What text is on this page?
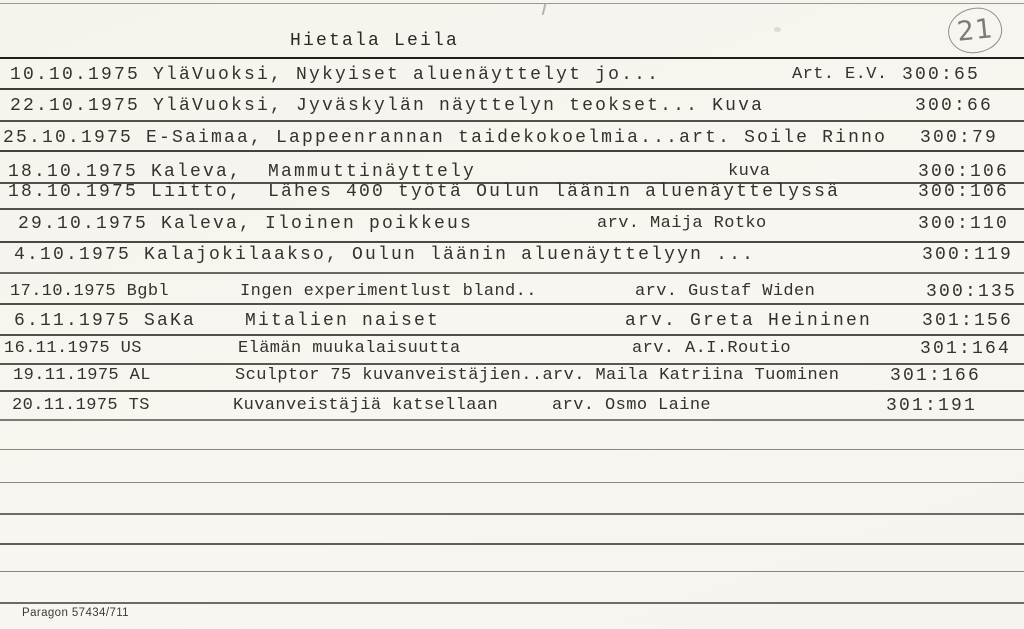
21
Hietala Leila
10.10.1975 YläVuoksi, Nykyiset aluenäyttelyt jo...	Art. E.V. 300:65
22.10.1975 YläVuoksi, Jyväskylän näyttelyn teokset... Kuva	300:66
25.10.1975 E-Saimaa, Lappeenrannan taidekokoelmia...art. Soile Rinno 300:79
18.10.1975 Kaleva,  Mammuttinäyttely	kuva	300:106
18.10.1975 Liitto,  Lähes 400 työtä Oulun läänin aluenäyttelyssä	300:106
29.10.1975 Kaleva, Iloinen poikkeus	arv. Maija Rotko	300:110
4.10.1975 Kalajokilaakso, Oulun läänin aluenäyttelyyn ...	300:119
17.10.1975 Bgbl	Ingen experimentlust bland..	arv. Gustaf Widen	300:135
6.11.1975 SaKa	Mitalien naiset	arv. Greta Heininen	301:156
16.11.1975 US	Elämän muukalaisuutta	arv. A.I.Routio	301:164
19.11.1975 AL	Sculptor 75 kuvanveistäjien..arv. Maila Katriina Tuominen	301:166
20.11.1975 TS	Kuvanveistäjiä katsellaan	arv. Osmo Laine	301:191
Paragon 57434/711
